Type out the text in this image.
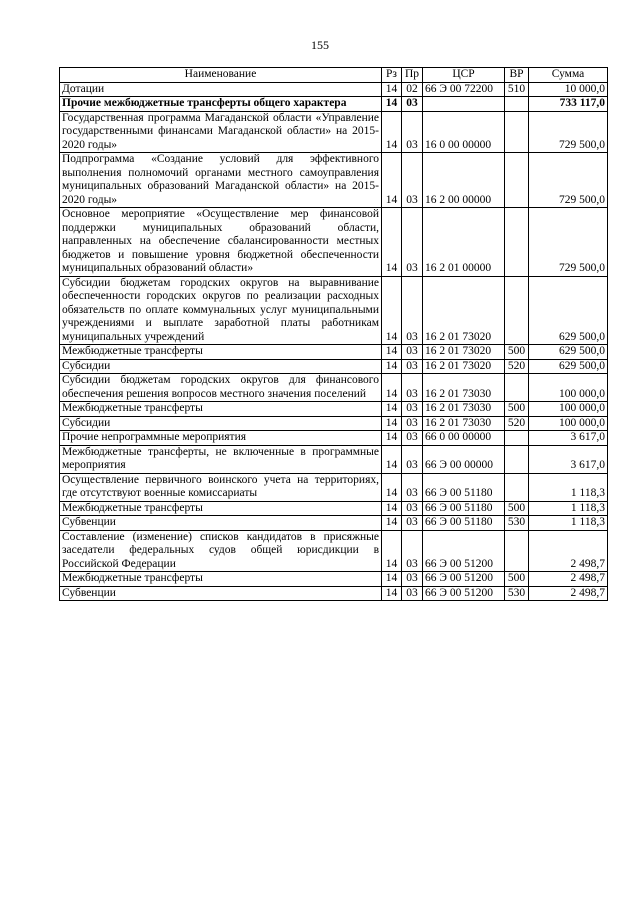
155
Наименование	Рз	Пр	ЦСР	ВР	Сумма
Дотации	14	02	66 Э 00 72200	510	10 000,0
Прочие межбюджетные трансферты общего характера	14	03			733 117,0
Государственная программа Магаданской области «Управление государственными финансами Магаданской области» на 2015-2020 годы»	14	03	16 0 00 00000		729 500,0
Подпрограмма «Создание условий для эффективного выполнения полномочий органами местного самоуправления муниципальных образований Магаданской области» на 2015-2020 годы»	14	03	16 2 00 00000		729 500,0
Основное мероприятие «Осуществление мер финансовой поддержки муниципальных образований области, направленных на обеспечение сбалансированности местных бюджетов и повышение уровня бюджетной обеспеченности муниципальных образований области»	14	03	16 2 01 00000		729 500,0
Субсидии бюджетам городских округов на выравнивание обеспеченности городских округов по реализации расходных обязательств по оплате коммунальных услуг муниципальными учреждениями и выплате заработной платы работникам муниципальных учреждений	14	03	16 2 01 73020		629 500,0
Межбюджетные трансферты	14	03	16 2 01 73020	500	629 500,0
Субсидии	14	03	16 2 01 73020	520	629 500,0
Субсидии бюджетам городских округов для финансового обеспечения решения вопросов местного значения поселений	14	03	16 2 01 73030		100 000,0
Межбюджетные трансферты	14	03	16 2 01 73030	500	100 000,0
Субсидии	14	03	16 2 01 73030	520	100 000,0
Прочие непрограммные мероприятия	14	03	66 0 00 00000		3 617,0
Межбюджетные трансферты, не включенные в программные мероприятия	14	03	66 Э 00 00000		3 617,0
Осуществление первичного воинского учета на территориях, где отсутствуют военные комиссариаты	14	03	66 Э 00 51180		1 118,3
Межбюджетные трансферты	14	03	66 Э 00 51180	500	1 118,3
Субвенции	14	03	66 Э 00 51180	530	1 118,3
Составление (изменение) списков кандидатов в присяжные заседатели федеральных судов общей юрисдикции в Российской Федерации	14	03	66 Э 00 51200		2 498,7
Межбюджетные трансферты	14	03	66 Э 00 51200	500	2 498,7
Субвенции	14	03	66 Э 00 51200	530	2 498,7
